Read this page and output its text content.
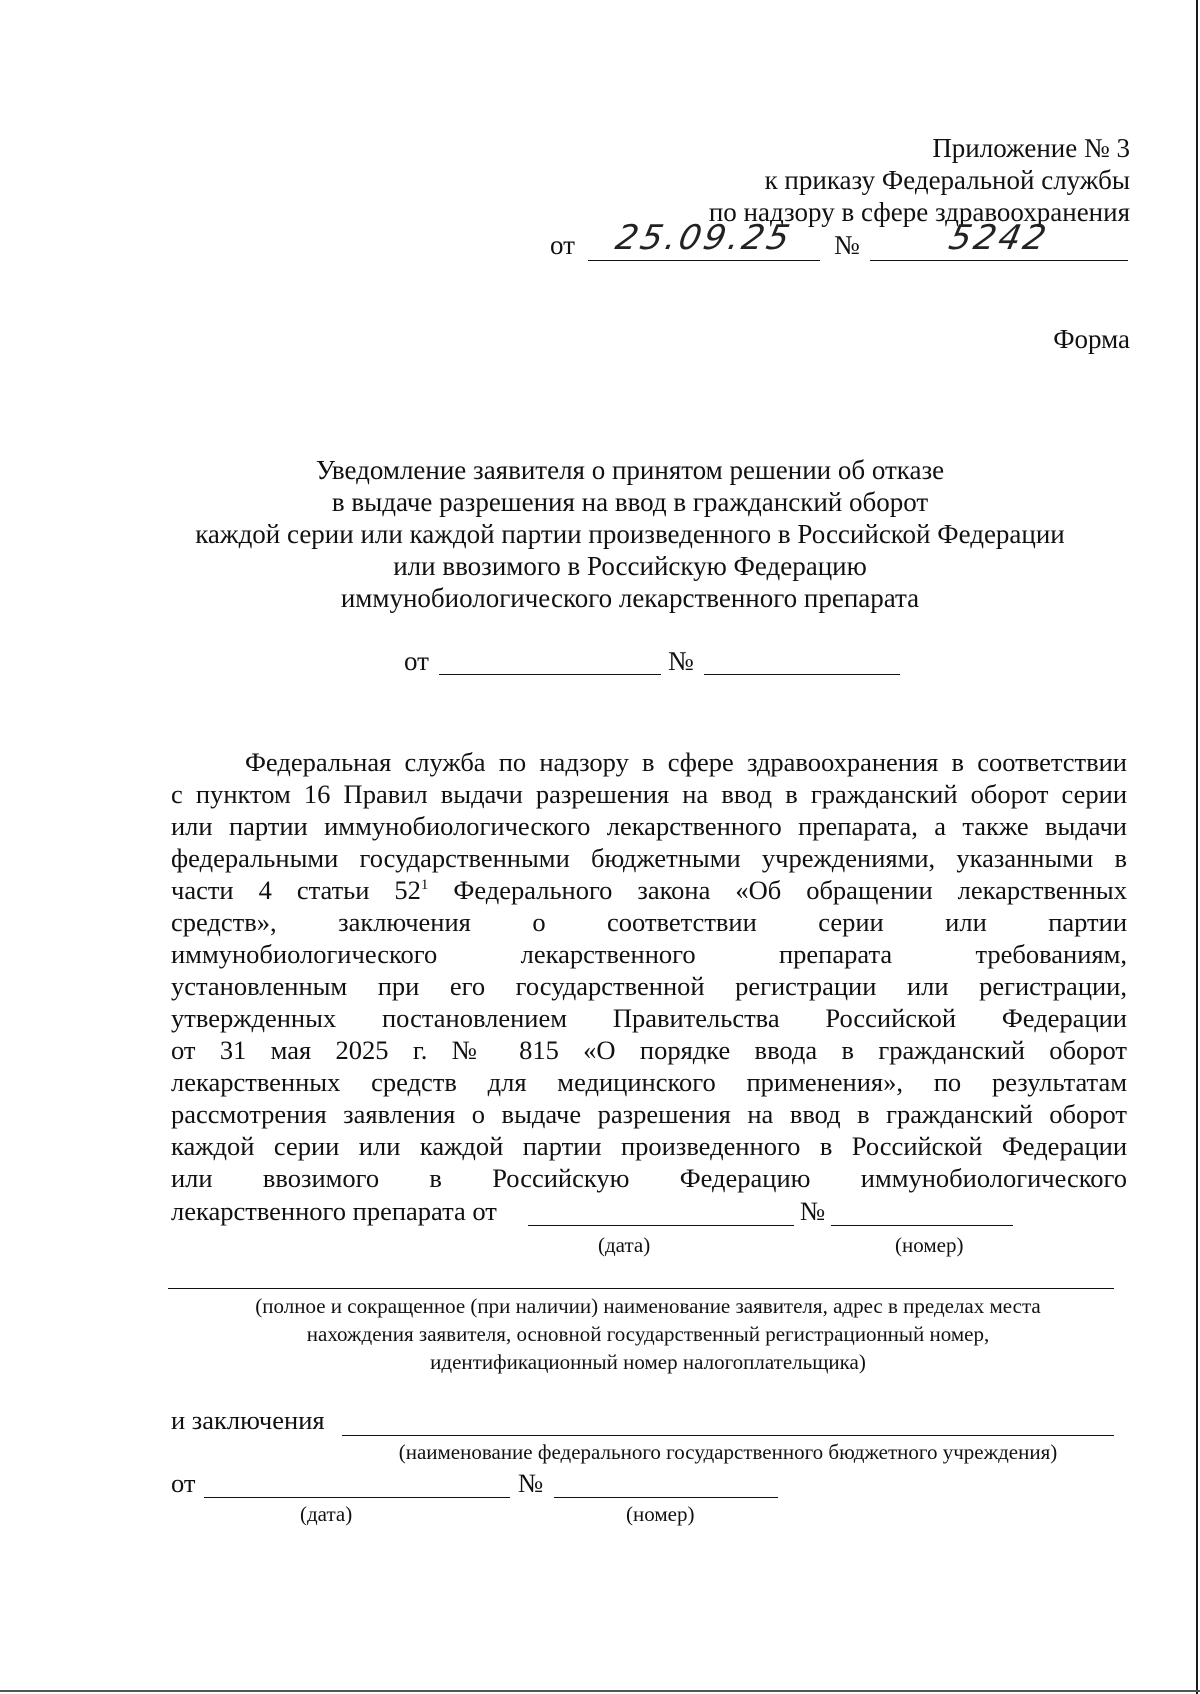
Приложение № 3
к приказу Федеральной службы
по надзору в сфере здравоохранения
от	25.09.25	№	5242
Форма
Уведомление заявителя о принятом решении об отказе
в выдаче разрешения на ввод в гражданский оборот
каждой серии или каждой партии произведенного в Российской Федерации
или ввозимого в Российскую Федерацию
иммунобиологического лекарственного препарата
от	№
Федеральная служба по надзору в сфере здравоохранения в соответствии
с пунктом 16 Правил выдачи разрешения на ввод в гражданский оборот серии
или партии иммунобиологического лекарственного препарата, а также выдачи
федеральными государственными бюджетными учреждениями, указанными в
части 4 статьи $52^1$ Федерального закона «Об обращении лекарственных
средств», заключения о соответствии серии или партии
иммунобиологического лекарственного препарата требованиям,
установленным при его государственной регистрации или регистрации,
утвержденных постановлением Правительства Российской Федерации
от 31 мая 2025 г. № 815 «О порядке ввода в гражданский оборот
лекарственных средств для медицинского применения», по результатам
рассмотрения заявления о выдаче разрешения на ввод в гражданский оборот
каждой серии или каждой партии произведенного в Российской Федерации
или ввозимого в Российскую Федерацию иммунобиологического
лекарственного препарата от	№
(дата)	(номер)
(полное и сокращенное (при наличии) наименование заявителя, адрес в пределах места
нахождения заявителя, основной государственный регистрационный номер,
идентификационный номер налогоплательщика)
и заключения
(наименование федерального государственного бюджетного учреждения)
от	№
(дата)	(номер)
